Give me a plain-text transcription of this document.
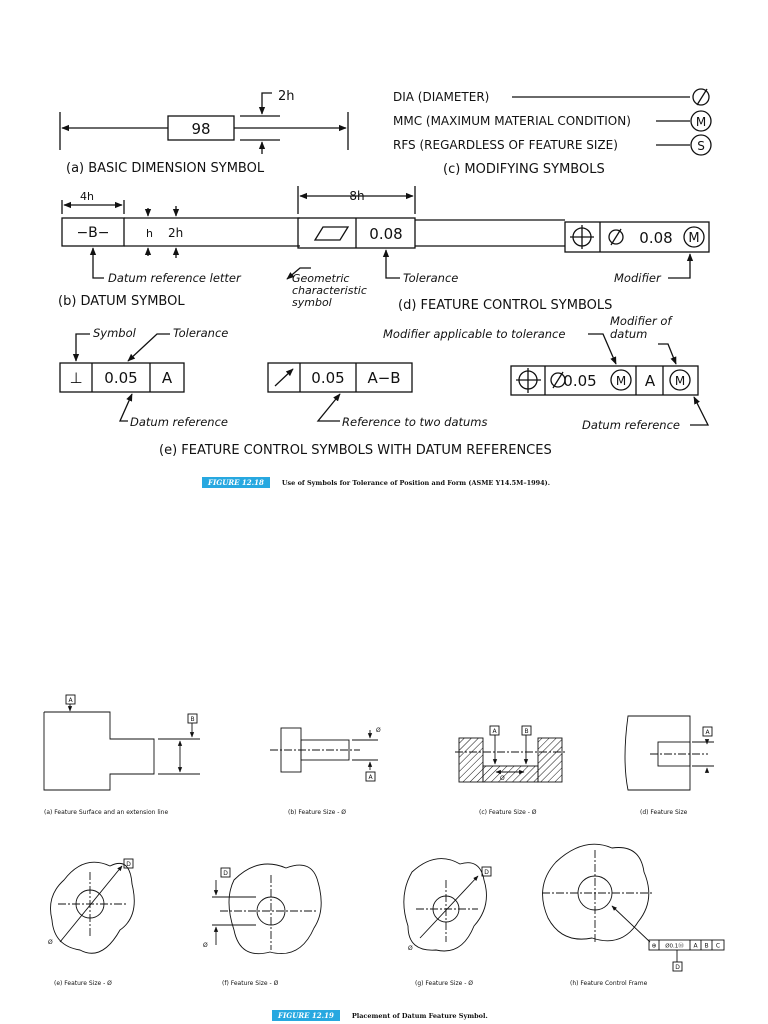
2h
98
(a) BASIC DIMENSION SYMBOL
DIA (DIAMETER)
MMC (MAXIMUM MATERIAL CONDITION)
RFS (REGARDLESS OF FEATURE SIZE)
M
S
(c) MODIFYING SYMBOLS
4h
−B−	h 2h
Datum reference letter
(b) DATUM SYMBOL
8h
0.08	0.08 M
Geometric characteristic symbol
Tolerance	Modifier
(d) FEATURE CONTROL SYMBOLS
Symbol	Tolerance
⊥ 0.05 A
Datum reference
0.05 A−B
Reference to two datums
Modifier applicable to tolerance
Modifier of datum
0.05 M A M
Datum reference
(e) FEATURE CONTROL SYMBOLS WITH DATUM REFERENCES
A
B
A
Ø	A	B
Ø
A
D
Ø
D
Ø
D
Ø
D
⊕ Ø0.1Ⓜ A B C
(a) Feature Surface and an extension line	(b) Feature Size - Ø	(c) Feature Size - Ø	(d) Feature Size
(e) Feature Size - Ø	(f) Feature Size - Ø	(g) Feature Size - Ø	(h) Feature Control Frame
FIGURE 12.18	Use of Symbols for Tolerance of Position and Form (ASME Y14.5M–1994).
FIGURE 12.19	Placement of Datum Feature Symbol.
